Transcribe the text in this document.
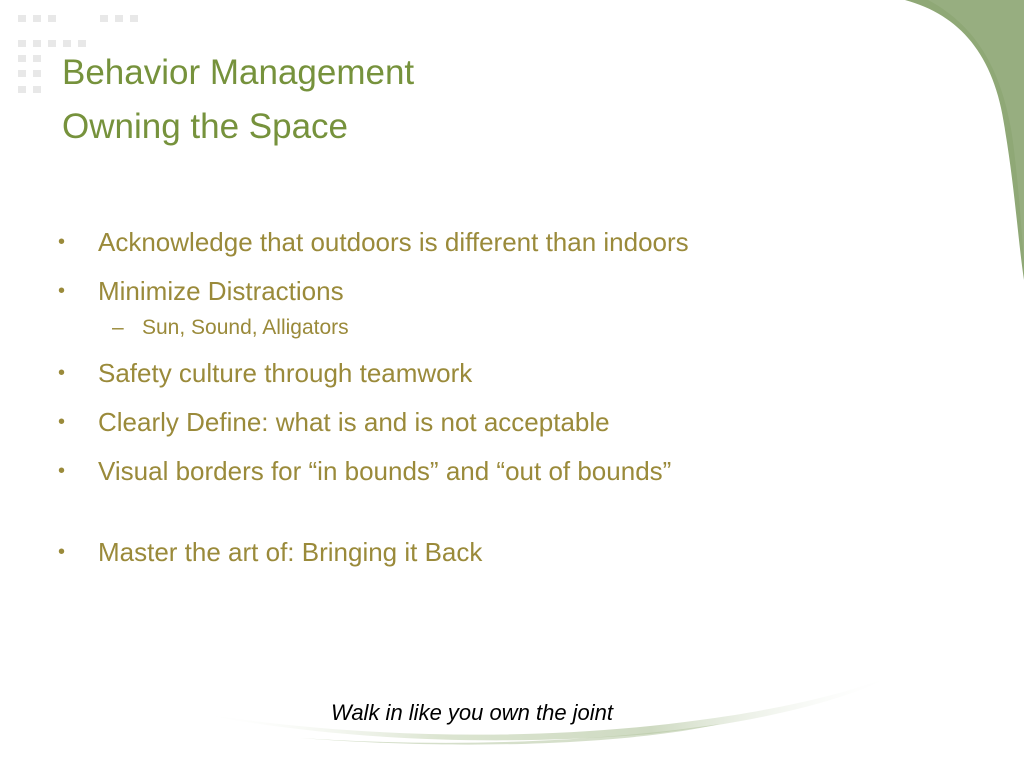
Behavior Management
Owning the Space
•	Acknowledge that outdoors is different than indoors
•	Minimize Distractions
– Sun, Sound, Alligators
•	Safety culture through teamwork
•	Clearly Define: what is and is not acceptable
•	Visual borders for “in bounds” and “out of bounds”
•	Master the art of: Bringing it Back
Walk in like you own the joint
